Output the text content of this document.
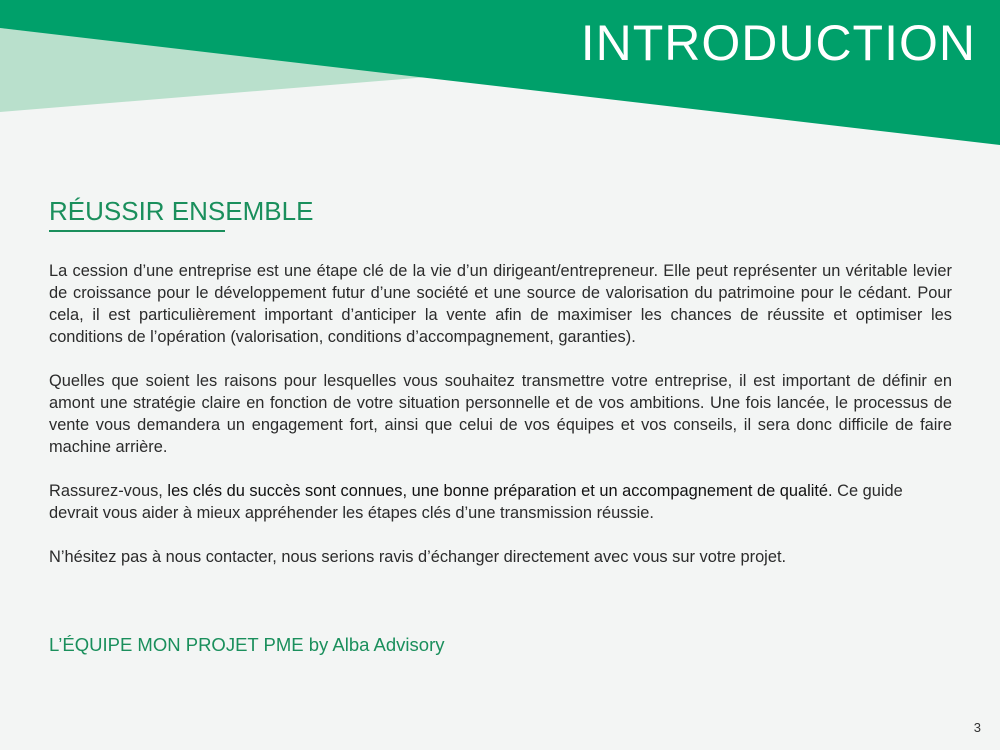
INTRODUCTION
RÉUSSIR ENSEMBLE

La cession d’une entreprise est une étape clé de la vie d’un dirigeant/entrepreneur. Elle peut représenter un véritable levier de croissance pour le développement futur d’une société et une source de valorisation du patrimoine pour le cédant. Pour cela, il est particulièrement important d’anticiper la vente afin de maximiser les chances de réussite et optimiser les conditions de l’opération (valorisation, conditions d’accompagnement, garanties).

Quelles que soient les raisons pour lesquelles vous souhaitez transmettre votre entreprise, il est important de définir en amont une stratégie claire en fonction de votre situation personnelle et de vos ambitions. Une fois lancée, le processus de vente vous demandera un engagement fort, ainsi que celui de vos équipes et vos conseils, il sera donc difficile de faire machine arrière.

Rassurez-vous, les clés du succès sont connues, une bonne préparation et un accompagnement de qualité. Ce guide devrait vous aider à mieux appréhender les étapes clés d’une transmission réussie.

N’hésitez pas à nous contacter, nous serions ravis d’échanger directement avec vous sur votre projet.

L’ÉQUIPE MON PROJET PME by Alba Advisory

3
